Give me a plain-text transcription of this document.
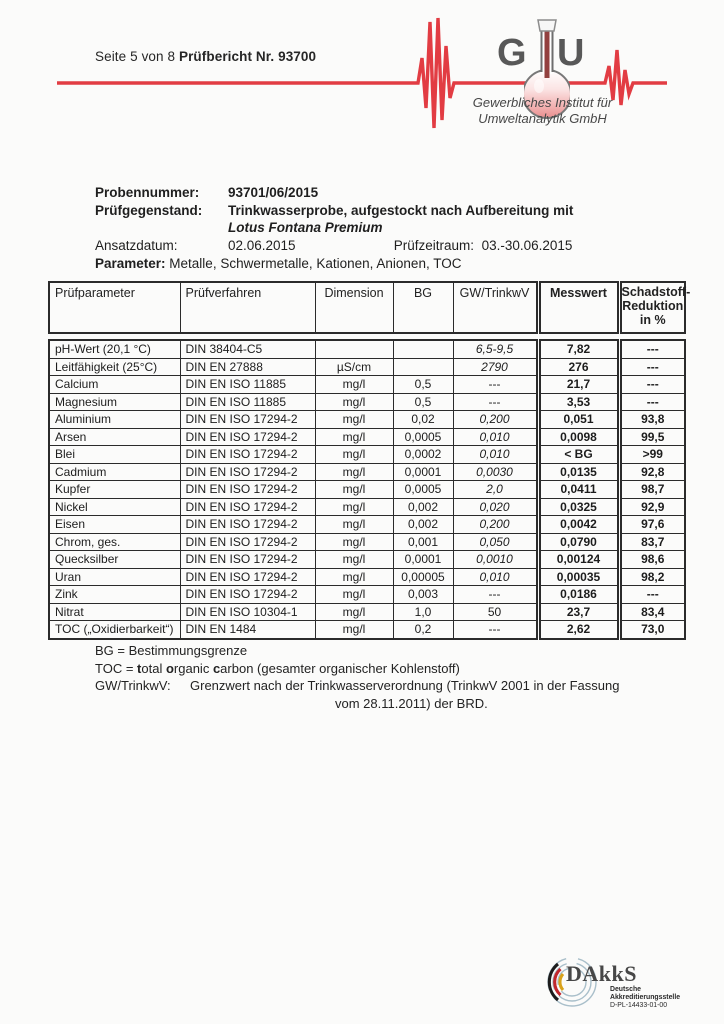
Seite 5 von 8 Prüfbericht Nr. 93700	G U
Gewerbliches Institut für
Umweltanalytik GmbH
Probennummer:	93701/06/2015
Prüfgegenstand:	Trinkwasserprobe, aufgestockt nach Aufbereitung mit
Lotus Fontana Premium
Ansatzdatum:	02.06.2015	Prüfzeitraum: 03.-30.06.2015
Parameter: Metalle, Schwermetalle, Kationen, Anionen, TOC
Prüfparameter	Prüfverfahren	Dimension	BG	GW/TrinkwV	Messwert	Schadstoff-
Reduktion
in %
pH-Wert (20,1 °C)	DIN 38404-C5			6,5-9,5	7,82	---
Leitfähigkeit (25°C)	DIN EN 27888	µS/cm		2790	276	---
Calcium	DIN EN ISO 11885	mg/l	0,5	---	21,7	---
Magnesium	DIN EN ISO 11885	mg/l	0,5	---	3,53	---
Aluminium	DIN EN ISO 17294-2	mg/l	0,02	0,200	0,051	93,8
Arsen	DIN EN ISO 17294-2	mg/l	0,0005	0,010	0,0098	99,5
Blei	DIN EN ISO 17294-2	mg/l	0,0002	0,010	< BG	>99
Cadmium	DIN EN ISO 17294-2	mg/l	0,0001	0,0030	0,0135	92,8
Kupfer	DIN EN ISO 17294-2	mg/l	0,0005	2,0	0,0411	98,7
Nickel	DIN EN ISO 17294-2	mg/l	0,002	0,020	0,0325	92,9
Eisen	DIN EN ISO 17294-2	mg/l	0,002	0,200	0,0042	97,6
Chrom, ges.	DIN EN ISO 17294-2	mg/l	0,001	0,050	0,0790	83,7
Quecksilber	DIN EN ISO 17294-2	mg/l	0,0001	0,0010	0,00124	98,6
Uran	DIN EN ISO 17294-2	mg/l	0,00005	0,010	0,00035	98,2
Zink	DIN EN ISO 17294-2	mg/l	0,003	---	0,0186	---
Nitrat	DIN EN ISO 10304-1	mg/l	1,0	50	23,7	83,4
TOC („Oxidierbarkeit“)	DIN EN 1484	mg/l	0,2	---	2,62	73,0
BG = Bestimmungsgrenze
TOC = total organic carbon (gesamter organischer Kohlenstoff)
GW/TrinkwV:	Grenzwert nach der Trinkwasserverordnung (TrinkwV 2001 in der Fassung
vom 28.11.2011) der BRD.
DAkkS
Deutsche
Akkreditierungsstelle
D-PL-14433-01-00
